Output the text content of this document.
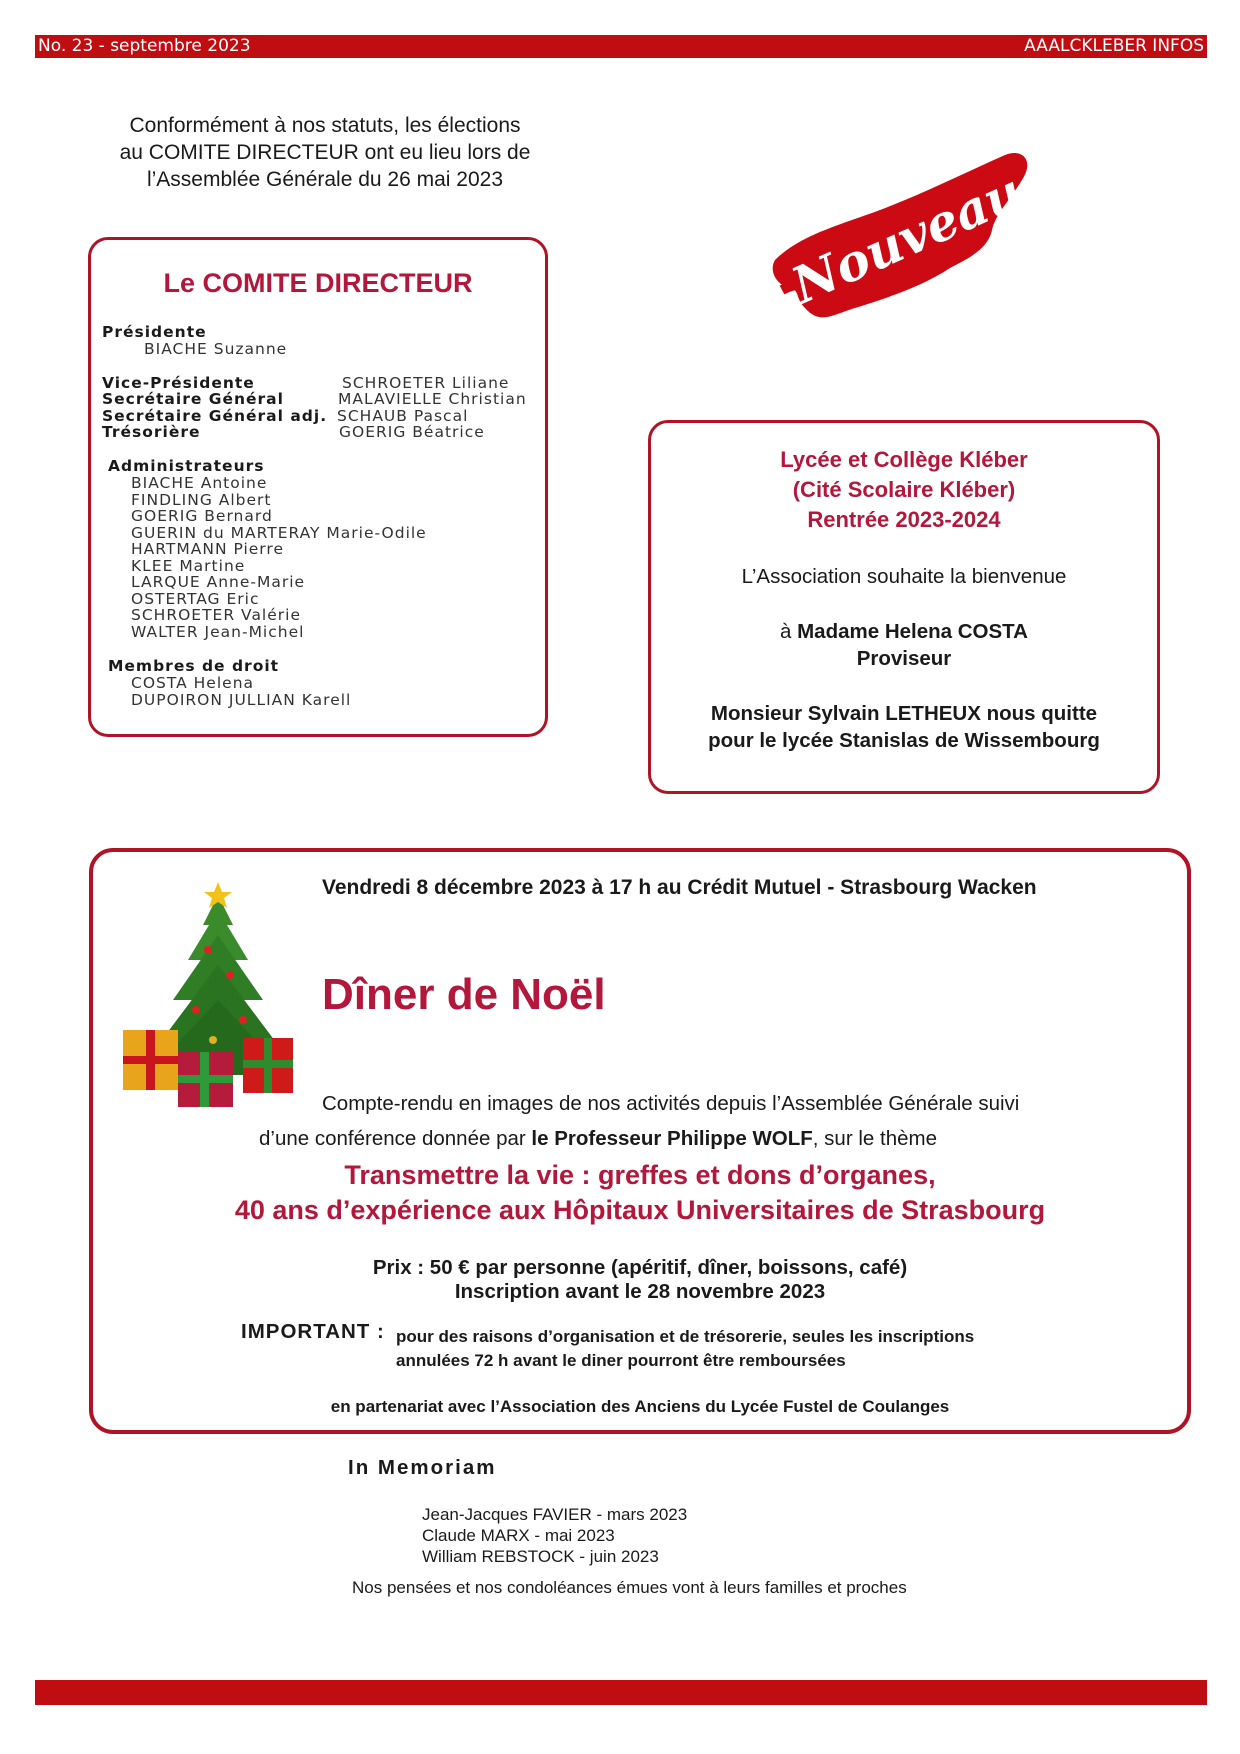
No. 23 - septembre 2023	AAALCKLEBER INFOS
Conformément à nos statuts, les élections
au COMITE DIRECTEUR ont eu lieu lors de
l’Assemblée Générale du 26 mai 2023	Nouveau
Le COMITE DIRECTEUR
Présidente
BIACHE Suzanne
Vice-Présidente	SCHROETER Liliane
Secrétaire Général	MALAVIELLE Christian
Secrétaire Général adj. SCHAUB Pascal
Trésorière	GOERIG Béatrice
Administrateurs
BIACHE Antoine
FINDLING Albert
GOERIG Bernard
GUERIN du MARTERAY Marie-Odile
HARTMANN Pierre
KLEE Martine
LARQUE Anne-Marie
OSTERTAG Eric
SCHROETER Valérie
WALTER Jean-Michel
Membres de droit
COSTA Helena
DUPOIRON JULLIAN Karell
Lycée et Collège Kléber
(Cité Scolaire Kléber)
Rentrée 2023-2024
L’Association souhaite la bienvenue
à Madame Helena COSTA
Proviseur
Monsieur Sylvain LETHEUX nous quitte
pour le lycée Stanislas de Wissembourg
Vendredi 8 décembre 2023 à 17 h au Crédit Mutuel - Strasbourg Wacken
Dîner de Noël
Compte-rendu en images de nos activités depuis l’Assemblée Générale suivi
d’une conférence donnée par le Professeur Philippe WOLF, sur le thème
Transmettre la vie : greffes et dons d’organes,
40 ans d’expérience aux Hôpitaux Universitaires de Strasbourg
Prix : 50 € par personne (apéritif, dîner, boissons, café)
Inscription avant le 28 novembre 2023
IMPORTANT : pour des raisons d’organisation et de trésorerie, seules les inscriptions
annulées 72 h avant le diner pourront être remboursées
en partenariat avec l’Association des Anciens du Lycée Fustel de Coulanges
In Memoriam
Jean-Jacques FAVIER - mars 2023
Claude MARX - mai 2023
William REBSTOCK - juin 2023
Nos pensées et nos condoléances émues vont à leurs familles et proches
